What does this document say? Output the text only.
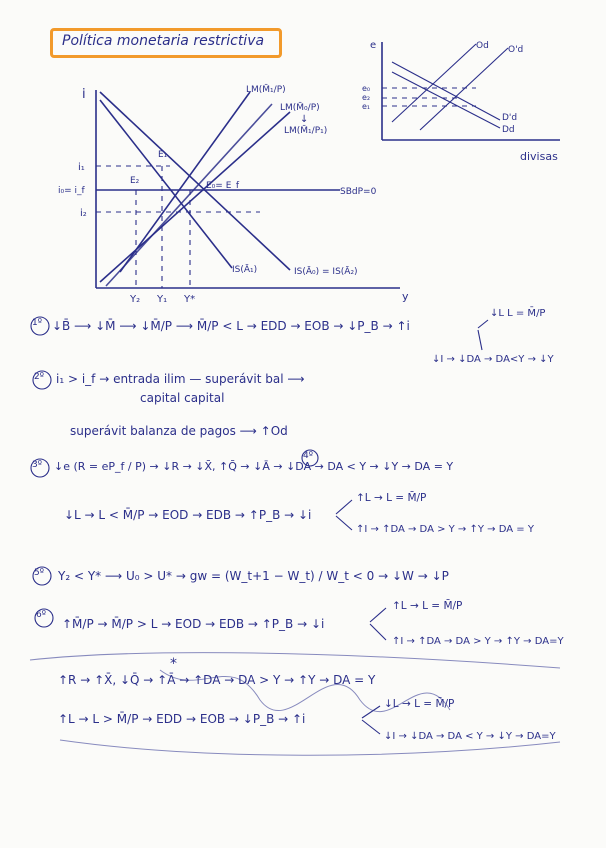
Política monetaria restrictiva
i
y
i₁
i₀= i_f
i₂
Y₂ Y₁ Y*
LM(M̄₁/P)
LM(M̄₀/P)
↓
LM(M̄₁/P₁)
E₁
E₂	E₀= E_f
SBdP=0
IS(Ā₁)	IS(Ā₀) = IS(Ā₂)
e
divisas
e₀
e₂
e₁
Od O'd
D'd
Dd
1º ↓B̄ ⟶ ↓M̄ ⟶ ↓M̄/P ⟶ M̄/P < L → EDD → EOB → ↓P_B → ↑i
↓L L = M̄/P
↓I → ↓DA → DA<Y → ↓Y
2º i₁ > i_f → entrada ilim — superávit bal ⟶
capital capital
superávit balanza de pagos ⟶ ↑Od
3º
4º
↓e (R = eP_f / P) → ↓R → ↓X̄, ↑Q̄ → ↓Ā → ↓DA → DA < Y → ↓Y → DA = Y
↓L → L < M̄/P → EOD → EDB → ↑P_B → ↓i
↑L → L = M̄/P
↑I → ↑DA → DA > Y → ↑Y → DA = Y
5º Y₂ < Y* ⟶ U₀ > U* → gw = (W_t+1 − W_t) / W_t < 0 → ↓W → ↓P
6º
↑M̄/P → M̄/P > L → EOD → EDB → ↑P_B → ↓i
↑L → L = M̄/P
↑I → ↑DA → DA > Y → ↑Y → DA=Y
↑R → ↑X̄, ↓Q̄ → ↑Ā → ↑DA → DA > Y → ↑Y → DA = Y
*
↑L → L > M̄/P → EDD → EOB → ↓P_B → ↑i
↓L → L = M̄/P
↓I → ↓DA → DA < Y → ↓Y → DA=Y
